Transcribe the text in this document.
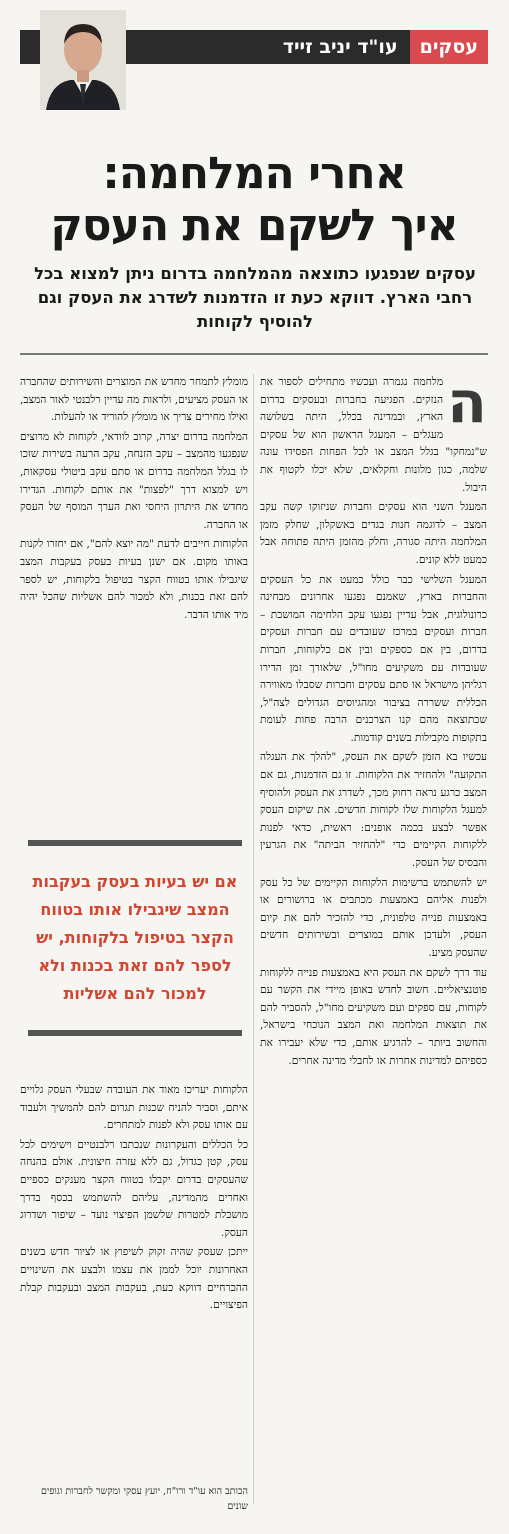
עסקים
עו"ד יניב זייד
אחרי המלחמה:
איך לשקם את העסק

עסקים שנפגעו כתוצאה מהמלחמה בדרום ניתן למצוא בכל רחבי הארץ. דווקא כעת זו הזדמנות לשדרג את העסק וגם להוסיף לקוחות

ה

מלחמה נגמרה ועכשיו מתחילים לספור את הנזקים. הפגיעה בחברות ובעסקים בדרום הארץ, ובמדינה בכלל, היתה בשלושה מעגלים – המעגל הראשון הוא של עסקים ש"נמחקו" בגלל המצב או לכל הפחות הפסידו עונה שלמה, כגון מלונות וחקלאים, שלא יכלו לקטוף את היבול.

המעגל השני הוא עסקים וחברות שניזוקו קשה עקב המצב – לדוגמה חנות בגדים באשקלון, שחלק מזמן המלחמה היתה סגורה, וחלק מהזמן היתה פתוחה אבל כמעט ללא קונים.

המעגל השלישי כבר כולל כמעט את כל העסקים והחברות בארץ, שאמנם נפגעו אחרונים מבחינה כרונולוגית, אבל עדיין נפגעו עקב הלחימה המושכת – חברות ועסקים במרכז שעובדים עם חברות ועסקים בדרום, בין אם כספקים ובין אם כלקוחות, חברות שעובדות עם משקיעים מחו"ל, שלאורך זמן הדירו רגליהן מישראל או סתם עסקים וחברות שסבלו מאווירה הכללית ששררה בציבור ומהגיוסים הגדולים לצה"ל, שכתוצאה מהם קנו הצרכנים הרבה פחות לעומת בתקופות מקבילות בשנים קודמות.

עכשיו בא הזמן לשקם את העסק, "להלך את העגלה התקועה" ולהחזיר את הלקוחות. זו גם הזדמנות, גם אם המצב כרגע נראה רחוק מכך, לשדרג את העסק ולהוסיף למעגל הלקוחות שלו לקוחות חדשים. את שיקום העסק אפשר לבצע בכמה אופנים: ראשית, כדאי לפנות ללקוחות הקיימים כדי "להחזיר הביתה" את הגרעין והבסיס של העסק.

יש להשתמש ברשימות הלקוחות הקיימים של כל עסק ולפנות אליהם באמצעות מכתבים או ברושורים או באמצעות פנייה טלפונית, כדי להזכיר להם את קיום העסק, ולעדכן אותם במוצרים ובשירותים חדשים שהעסק מציע.

עוד דרך לשקם את העסק היא באמצעות פנייה ללקוחות פוטנציאליים. חשוב לחדש באופן מיידי את הקשר עם לקוחות, עם ספקים ועם משקיעים מחו"ל, להסביר להם את תוצאות המלחמה ואת המצב הנוכחי בישראל, והחשוב ביותר – להרגיע אותם, כדי שלא יעבירו את כספיהם למדינות אחרות או לחבלי מדינה אחרים.

מומלץ לתמחר מחדש את המוצרים והשירותים שהחברה או העסק מציעים, ולראות מה עדיין רלבנטי לאור המצב, ואילו מחירים צריך או מומלץ להוריד או להעלות.

המלחמה בדרום יצרה, קרוב לוודאי, לקוחות לא מרוצים שנפגעו מהמצב – עקב הזנחה, עקב הרעה בשירות שזכו לו בגלל המלחמה בדרום או סתם עקב ביטולי עסקאות, ויש למצוא דרך "לפצות" את אותם לקוחות. הגדירו מחדש את היתרון היחסי ואת הערך המוסף של העסק או החברה.

הלקוחות חייבים לדעת "מה יוצא להם", אם יחזרו לקנות באותו מקום. אם ישנן בעיות בעסק בעקבות המצב שיגבילו אותו בטווח הקצר בטיפול בלקוחות, יש לספר להם זאת בכנות, ולא למכור להם אשליות שהכל יהיה מיד אותו הדבר.

אם יש בעיות בעסק בעקבות המצב שיגבילו אותו בטווח הקצר בטיפול בלקוחות, יש לספר להם זאת בכנות ולא למכור להם אשליות

הלקוחות יעריכו מאוד את העובדה שבעלי העסק גלויים איתם, וסביר להניח שכנות תגרום להם להמשיך ולעבוד עם אותו עסק ולא לפנות למתחרים.

כל הכללים והעקרונות שנכתבו רלבנטיים וישימים לכל עסק, קטן כגדול, גם ללא עזרה חיצונית. אולם בהנחה שהעסקים בדרום יקבלו בטווח הקצר מענקים כספיים ואחרים מהמדינה, עליהם להשתמש בכסף בדרך מושכלת למטרות שלשמן הפיצוי נועד – שיפור ושדרוג העסק.

ייתכן שעסק שהיה זקוק לשיפוץ או לציור חדש בשנים האחרונות יוכל לממן את עצמו ולבצע את השינויים ההכרחיים דווקא כעת, בעקבות המצב ובעקבות קבלת הפיצויים.

הכותב הוא עו"ד ורו"ח, יועץ עסקי ומקשר לחברות וגופים שונים
